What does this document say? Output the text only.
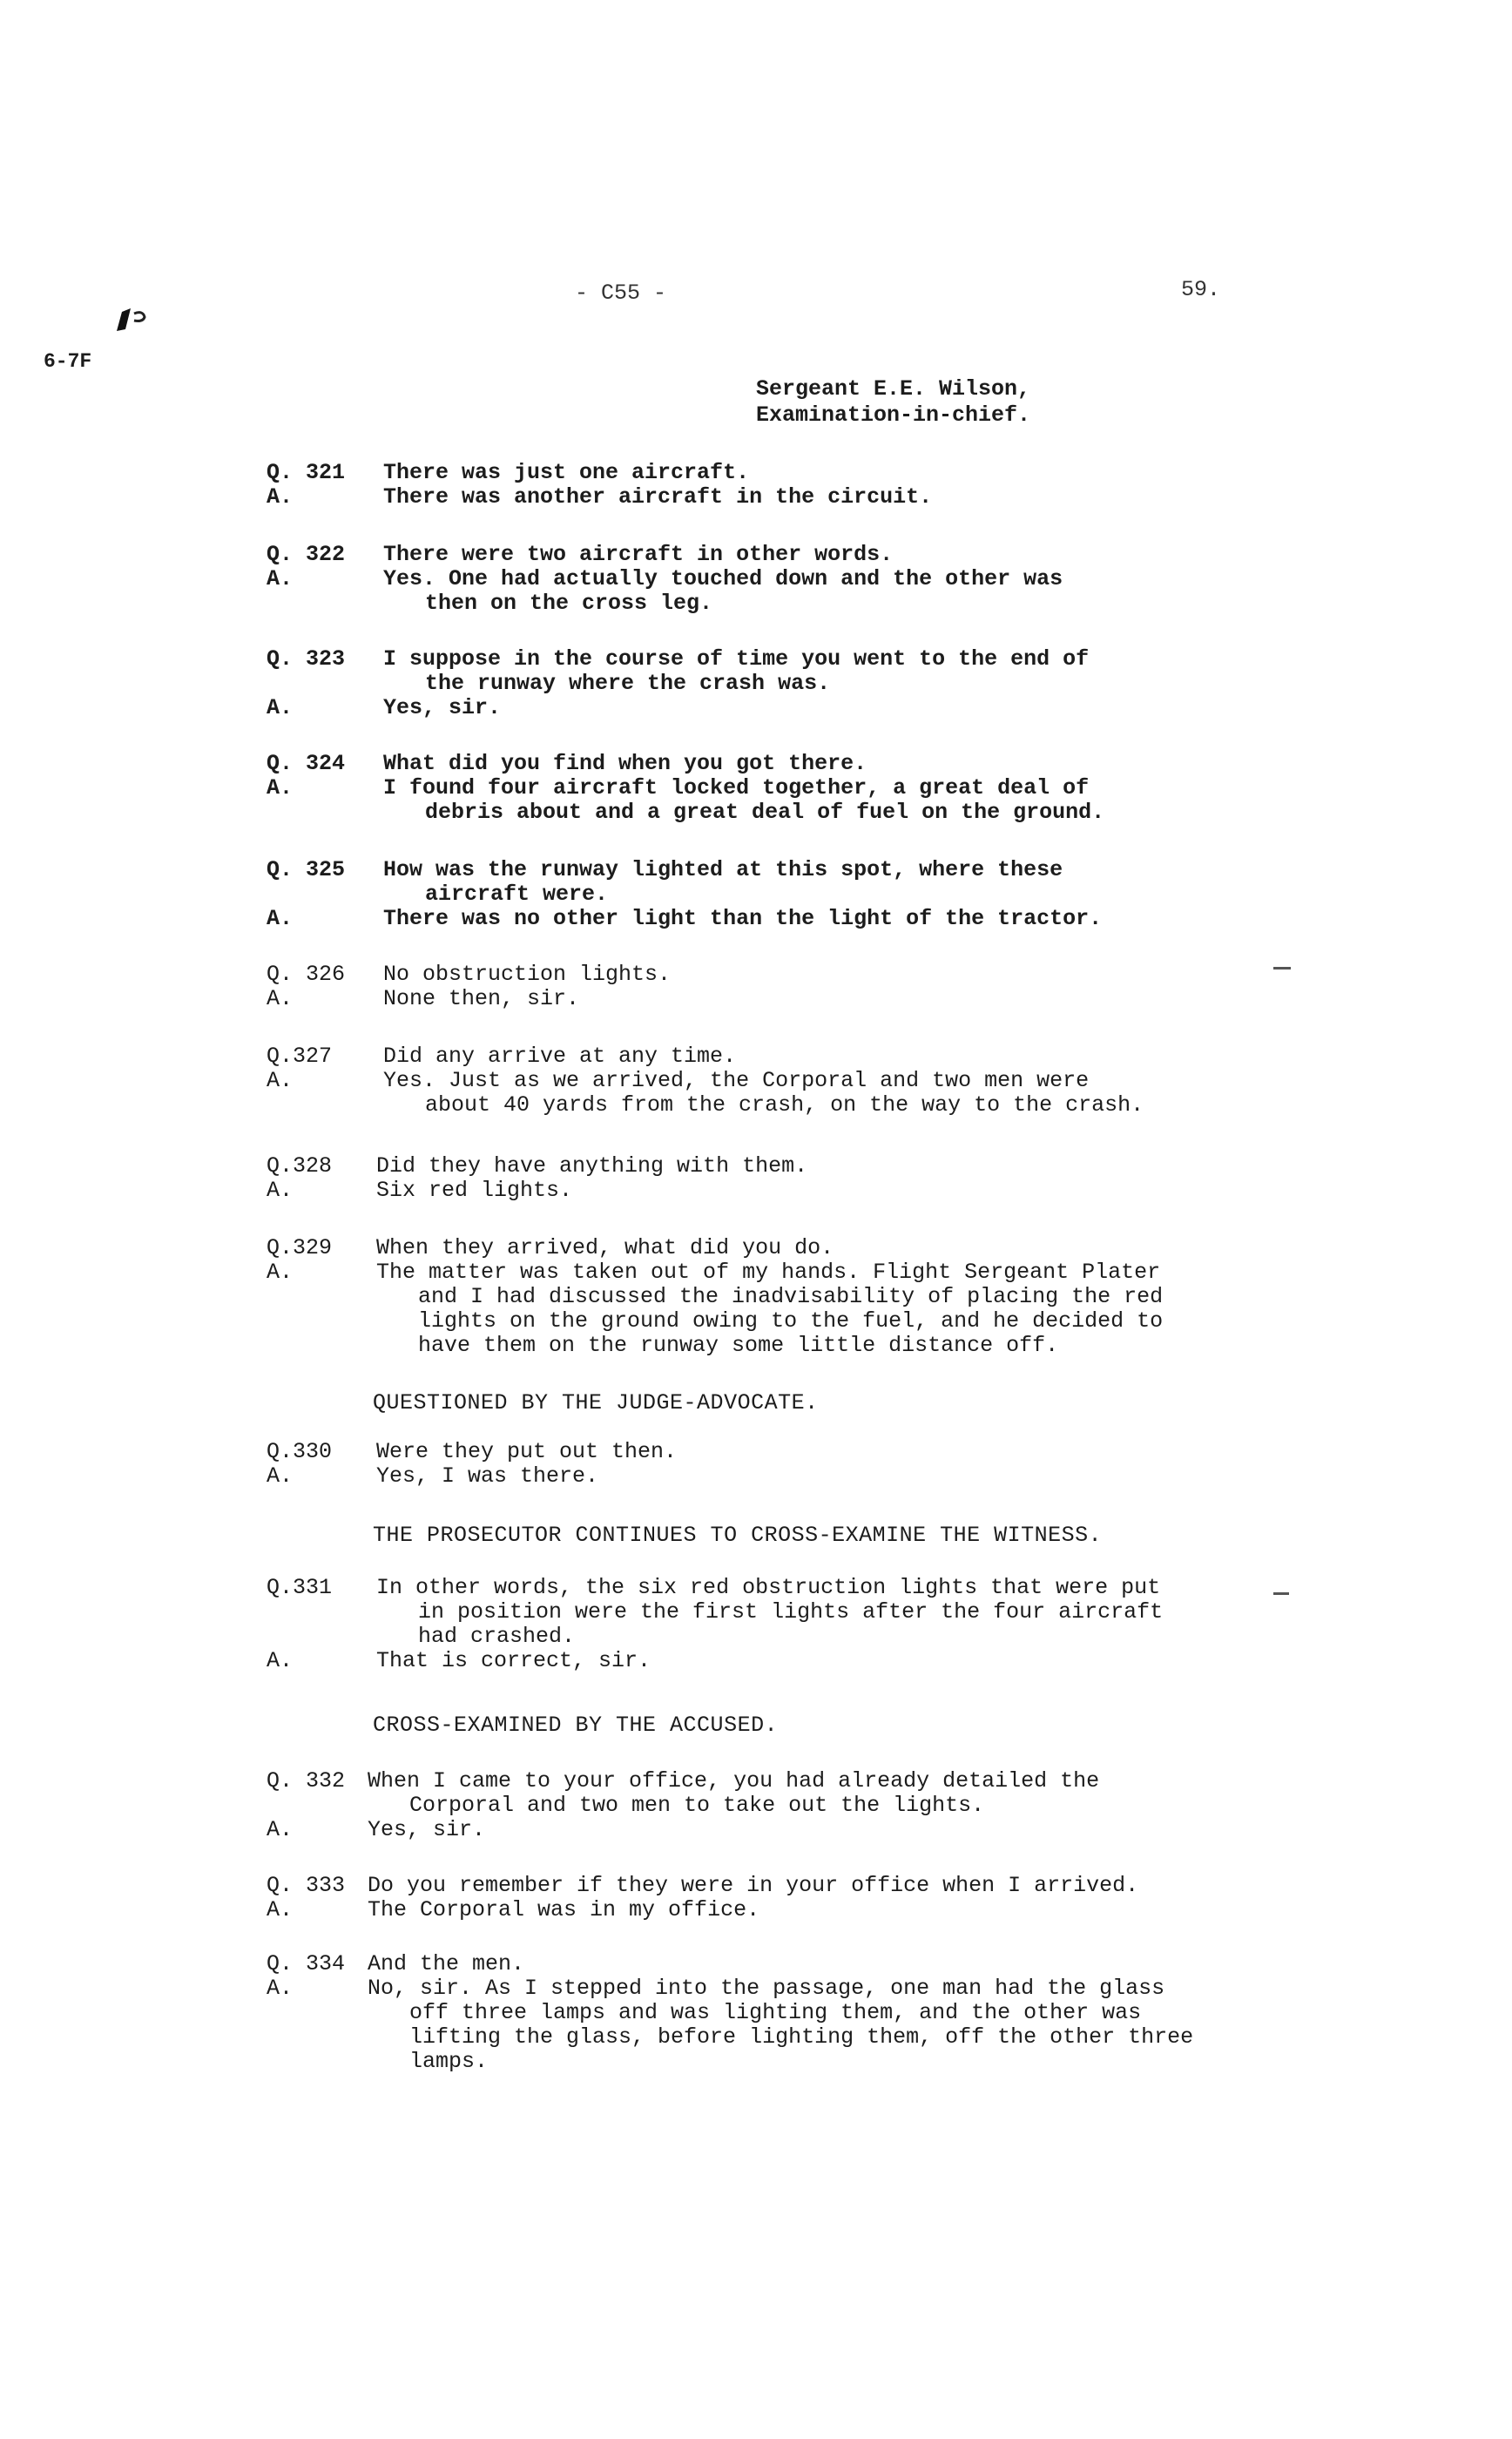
- C55 -	59.
6-7F
Sergeant E.E. Wilson,
Examination-in-chief.
Q. 321 There was just one aircraft.
A.	There was another aircraft in the circuit.
Q. 322 There were two aircraft in other words.
A.	Yes. One had actually touched down and the other was
then on the cross leg.
Q. 323 I suppose in the course of time you went to the end of
the runway where the crash was.
A.	Yes, sir.
Q. 324 What did you find when you got there.
A.	I found four aircraft locked together, a great deal of
debris about and a great deal of fuel on the ground.
Q. 325 How was the runway lighted at this spot, where these
aircraft were.
A.	There was no other light than the light of the tractor.
Q. 326 No obstruction lights.
A.	None then, sir.
Q.327 Did any arrive at any time.
A.	Yes. Just as we arrived, the Corporal and two men were
about 40 yards from the crash, on the way to the crash.
Q.328 Did they have anything with them.
A.	Six red lights.
Q.329 When they arrived, what did you do.
A.	The matter was taken out of my hands. Flight Sergeant Plater
and I had discussed the inadvisability of placing the red
lights on the ground owing to the fuel, and he decided to
have them on the runway some little distance off.
QUESTIONED BY THE JUDGE-ADVOCATE.
Q.330 Were they put out then.
A.	Yes, I was there.
THE PROSECUTOR CONTINUES TO CROSS-EXAMINE THE WITNESS.
Q.331 In other words, the six red obstruction lights that were put
in position were the first lights after the four aircraft
had crashed.
A.	That is correct, sir.
CROSS-EXAMINED BY THE ACCUSED.
Q. 332 When I came to your office, you had already detailed the
Corporal and two men to take out the lights.
A.	Yes, sir.
Q. 333 Do you remember if they were in your office when I arrived.
A.	The Corporal was in my office.
Q. 334 And the men.
A.	No, sir. As I stepped into the passage, one man had the glass
off three lamps and was lighting them, and the other was
lifting the glass, before lighting them, off the other three
lamps.
